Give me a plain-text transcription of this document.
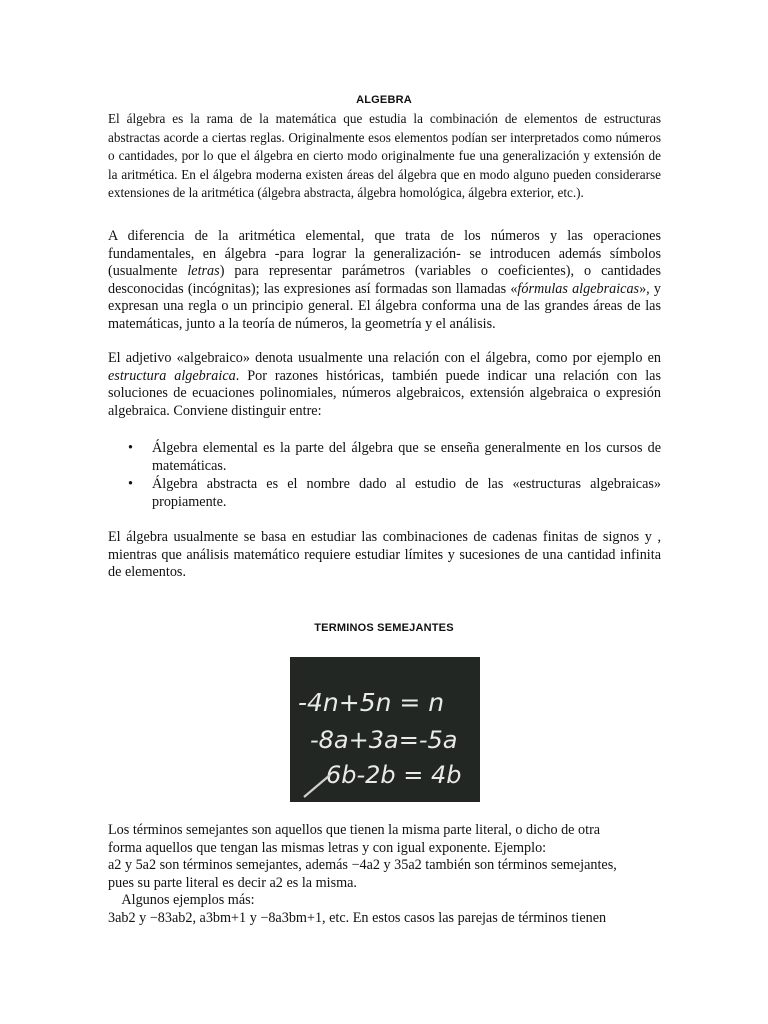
ALGEBRA
El álgebra es la rama de la matemática que estudia la combinación de elementos de estructuras abstractas acorde a ciertas reglas. Originalmente esos elementos podían ser interpretados como números o cantidades, por lo que el álgebra en cierto modo originalmente fue una generalización y extensión de la aritmética. En el álgebra moderna existen áreas del álgebra que en modo alguno pueden considerarse extensiones de la aritmética (álgebra abstracta, álgebra homológica, álgebra exterior, etc.).
A diferencia de la aritmética elemental, que trata de los números y las operaciones fundamentales, en álgebra -para lograr la generalización- se introducen además símbolos (usualmente letras) para representar parámetros (variables o coeficientes), o cantidades desconocidas (incógnitas); las expresiones así formadas son llamadas «fórmulas algebraicas», y expresan una regla o un principio general. El álgebra conforma una de las grandes áreas de las matemáticas, junto a la teoría de números, la geometría y el análisis.
El adjetivo «algebraico» denota usualmente una relación con el álgebra, como por ejemplo en estructura algebraica. Por razones históricas, también puede indicar una relación con las soluciones de ecuaciones polinomiales, números algebraicos, extensión algebraica o expresión algebraica. Conviene distinguir entre:
• Álgebra elemental es la parte del álgebra que se enseña generalmente en los cursos de matemáticas.
• Álgebra abstracta es el nombre dado al estudio de las «estructuras algebraicas» propiamente.
El álgebra usualmente se basa en estudiar las combinaciones de cadenas finitas de signos y , mientras que análisis matemático requiere estudiar límites y sucesiones de una cantidad infinita de elementos.
TERMINOS SEMEJANTES
-4n+5n = n
-8a+3a=-5a
6b-2b = 4b
Los términos semejantes son aquellos que tienen la misma parte literal, o dicho de otra
forma aquellos que tengan las mismas letras y con igual exponente. Ejemplo:
a2 y 5a2 son términos semejantes, además −4a2 y 35a2 también son términos semejantes,
pues su parte literal es decir a2 es la misma.
Algunos ejemplos más:
3ab2 y −83ab2, a3bm+1 y −8a3bm+1, etc. En estos casos las parejas de términos tienen
